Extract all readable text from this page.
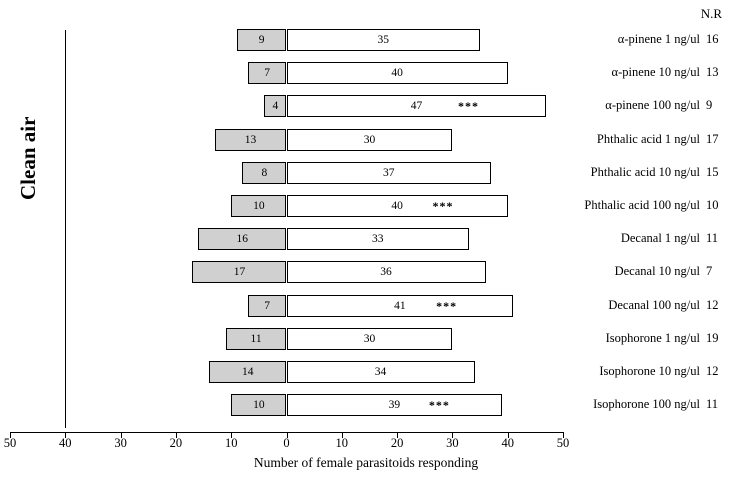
N.R
Clean air
9	35	α-pinene 1 ng/ul 16
7	40	α-pinene 10 ng/ul 13
4	47	***	α-pinene 100 ng/ul 9
13	30	Phthalic acid 1 ng/ul 17
8	37	Phthalic acid 10 ng/ul 15
10	40	***	Phthalic acid 100 ng/ul 10
16	33	Decanal 1 ng/ul 11
17	36	Decanal 10 ng/ul 7
7	41	***	Decanal 100 ng/ul 12
11	30	Isophorone 1 ng/ul 19
14	34	Isophorone 10 ng/ul 12
10	39	***	Isophorone 100 ng/ul 11
50	40	30	20	10	0	10	20	30	40	50
Number of female parasitoids responding
